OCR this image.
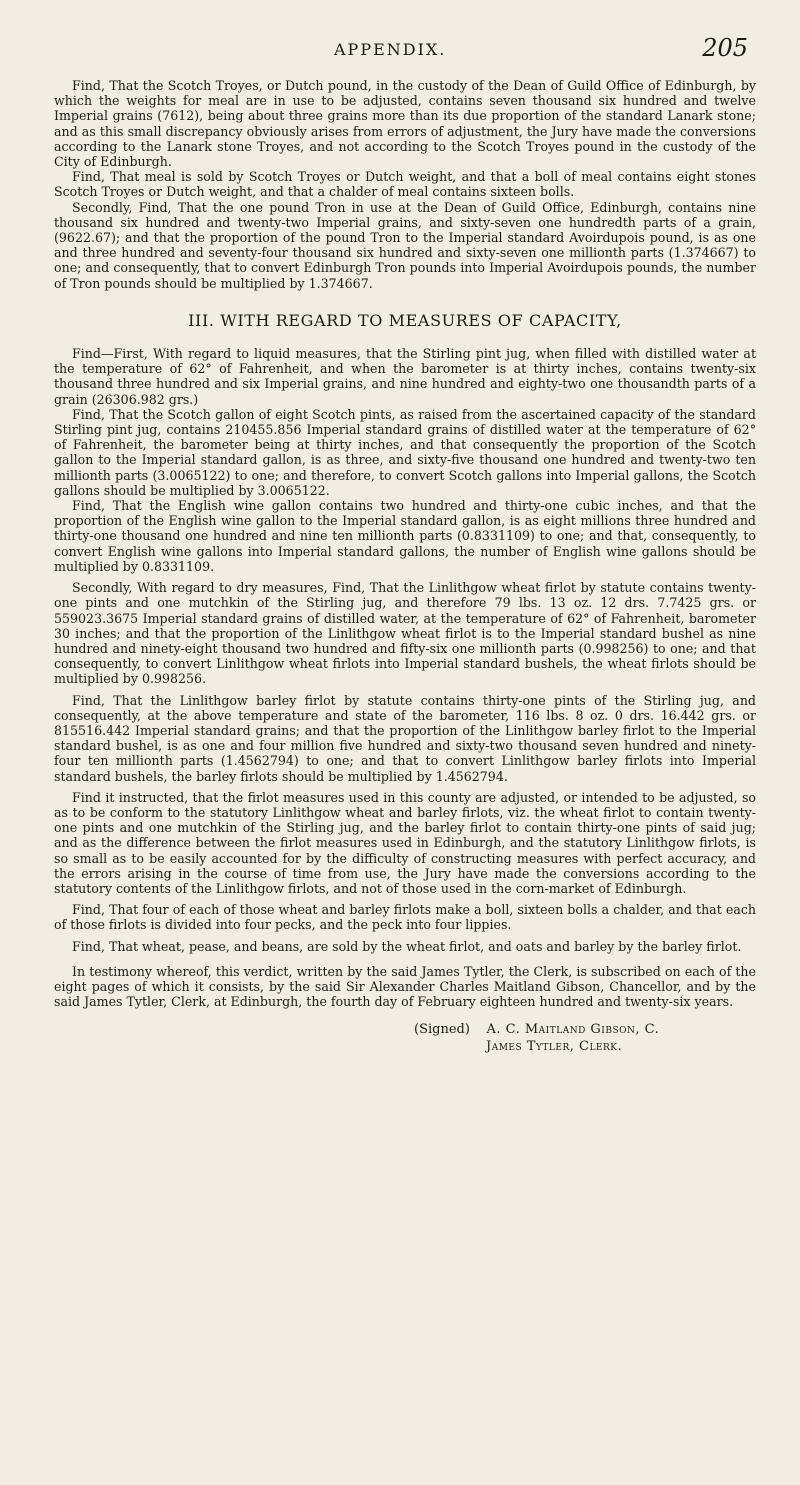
APPENDIX.	205

Find, That the Scotch Troyes, or Dutch pound, in the custody of the Dean of Guild Office of Edinburgh, by which the weights for meal are in use to be adjusted, contains seven thousand six hundred and twelve Imperial grains (7612), being about three grains more than its due proportion of the standard Lanark stone; and as this small discrepancy obviously arises from errors of adjustment, the Jury have made the conversions according to the Lanark stone Troyes, and not according to the Scotch Troyes pound in the custody of the City of Edinburgh.

Find, That meal is sold by Scotch Troyes or Dutch weight, and that a boll of meal contains eight stones Scotch Troyes or Dutch weight, and that a chalder of meal contains sixteen bolls.

Secondly, Find, That the one pound Tron in use at the Dean of Guild Office, Edinburgh, contains nine thousand six hundred and twenty-two Imperial grains, and sixty-seven one hundredth parts of a grain, (9622.67); and that the proportion of the pound Tron to the Imperial standard Avoirdupois pound, is as one and three hundred and seventy-four thousand six hundred and sixty-seven one millionth parts (1.374667) to one; and consequently, that to convert Edinburgh Tron pounds into Imperial Avoirdupois pounds, the number of Tron pounds should be multiplied by 1.374667.

III. WITH REGARD TO MEASURES OF CAPACITY,

Find—First, With regard to liquid measures, that the Stirling pint jug, when filled with distilled water at the temperature of 62° of Fahrenheit, and when the barometer is at thirty inches, contains twenty-six thousand three hundred and six Imperial grains, and nine hundred and eighty-two one thousandth parts of a grain (26306.982 grs.)

Find, That the Scotch gallon of eight Scotch pints, as raised from the ascertained capacity of the standard Stirling pint jug, contains 210455.856 Imperial standard grains of distilled water at the temperature of 62° of Fahrenheit, the barometer being at thirty inches, and that consequently the proportion of the Scotch gallon to the Imperial standard gallon, is as three, and sixty-five thousand one hundred and twenty-two ten millionth parts (3.0065122) to one; and therefore, to convert Scotch gallons into Imperial gallons, the Scotch gallons should be multiplied by 3.0065122.

Find, That the English wine gallon contains two hundred and thirty-one cubic inches, and that the proportion of the English wine gallon to the Imperial standard gallon, is as eight millions three hundred and thirty-one thousand one hundred and nine ten millionth parts (0.8331109) to one; and that, consequently, to convert English wine gallons into Imperial standard gallons, the number of English wine gallons should be multiplied by 0.8331109.

Secondly, With regard to dry measures, Find, That the Linlithgow wheat firlot by statute contains twenty-one pints and one mutchkin of the Stirling jug, and therefore 79 lbs. 13 oz. 12 drs. 7.7425 grs. or 559023.3675 Imperial standard grains of distilled water, at the temperature of 62° of Fahrenheit, barometer 30 inches; and that the proportion of the Linlithgow wheat firlot is to the Imperial standard bushel as nine hundred and ninety-eight thousand two hundred and fifty-six one millionth parts (0.998256) to one; and that consequently, to convert Linlithgow wheat firlots into Imperial standard bushels, the wheat firlots should be multiplied by 0.998256.

Find, That the Linlithgow barley firlot by statute contains thirty-one pints of the Stirling jug, and consequently, at the above temperature and state of the barometer, 116 lbs. 8 oz. 0 drs. 16.442 grs. or 815516.442 Imperial standard grains; and that the proportion of the Linlithgow barley firlot to the Imperial standard bushel, is as one and four million five hundred and sixty-two thousand seven hundred and ninety-four ten millionth parts (1.4562794) to one; and that to convert Linlithgow barley firlots into Imperial standard bushels, the barley firlots should be multiplied by 1.4562794.

Find it instructed, that the firlot measures used in this county are adjusted, or intended to be adjusted, so as to be conform to the statutory Linlithgow wheat and barley firlots, viz. the wheat firlot to contain twenty-one pints and one mutchkin of the Stirling jug, and the barley firlot to contain thirty-one pints of said jug; and as the difference between the firlot measures used in Edinburgh, and the statutory Linlithgow firlots, is so small as to be easily accounted for by the difficulty of constructing measures with perfect accuracy, and the errors arising in the course of time from use, the Jury have made the conversions according to the statutory contents of the Linlithgow firlots, and not of those used in the corn-market of Edinburgh.

Find, That four of each of those wheat and barley firlots make a boll, sixteen bolls a chalder, and that each of those firlots is divided into four pecks, and the peck into four lippies.

Find, That wheat, pease, and beans, are sold by the wheat firlot, and oats and barley by the barley firlot.

In testimony whereof, this verdict, written by the said James Tytler, the Clerk, is subscribed on each of the eight pages of which it consists, by the said Sir Alexander Charles Maitland Gibson, Chancellor, and by the said James Tytler, Clerk, at Edinburgh, the fourth day of February eighteen hundred and twenty-six years.

(Signed) A. C. Maitland Gibson, C.
James Tytler, Clerk.
